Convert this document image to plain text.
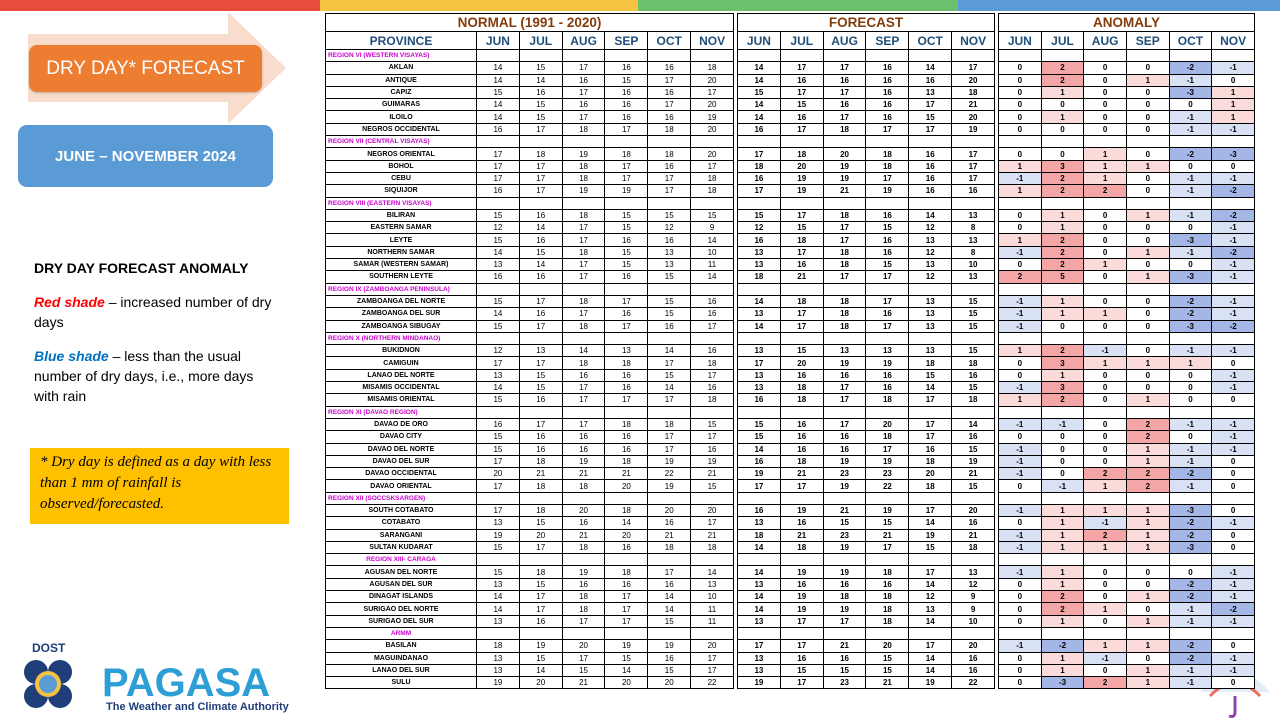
DRY DAY* FORECAST
JUNE – NOVEMBER 2024
DRY DAY FORECAST ANOMALY

Red shade – increased number of dry days

Blue shade – less than the usual number of dry days, i.e., more days with rain

* Dry day is defined as a day with less than 1 mm of rainfall is observed/forecasted.
DOST
PAGASA
The Weather and Climate Authority
NORMAL (1991 - 2020)						
PROVINCE	JUN	JUL	AUG	SEP	OCT	NOV
REGION VI (WESTERN VISAYAS)						
AKLAN	14	15	17	16	16	18
ANTIQUE	14	14	16	15	17	20
CAPIZ	15	16	17	16	16	17
GUIMARAS	14	15	16	16	17	20
ILOILO	14	15	17	16	16	19
NEGROS OCCIDENTAL	16	17	18	17	18	20
REGION VII (CENTRAL VISAYAS)						
NEGROS ORIENTAL	17	18	19	18	18	20
BOHOL	17	17	18	17	16	17
CEBU	17	17	18	17	17	18
SIQUIJOR	16	17	19	19	17	18
REGION VIII (EASTERN VISAYAS)						
BILIRAN	15	16	18	15	15	15
EASTERN SAMAR	12	14	17	15	12	9
LEYTE	15	16	17	16	16	14
NORTHERN SAMAR	14	15	18	15	13	10
SAMAR (WESTERN SAMAR)	13	14	17	15	13	11
SOUTHERN LEYTE	16	16	17	16	15	14
REGION IX (ZAMBOANGA PENINSULA)						
ZAMBOANGA DEL NORTE	15	17	18	17	15	16
ZAMBOANGA DEL SUR	14	16	17	16	15	16
ZAMBOANGA SIBUGAY	15	17	18	17	16	17
REGION X (NORTHERN MINDANAO)						
BUKIDNON	12	13	14	13	14	16
CAMIGUIN	17	17	18	18	17	18
LANAO DEL NORTE	13	15	16	16	15	17
MISAMIS OCCIDENTAL	14	15	17	16	14	16
MISAMIS ORIENTAL	15	16	17	17	17	18
REGION XI (DAVAO REGION)						
DAVAO DE ORO	16	17	17	18	18	15
DAVAO CITY	15	16	16	16	17	17
DAVAO DEL NORTE	15	16	16	16	17	16
DAVAO DEL SUR	17	18	19	18	19	19
DAVAO OCCIDENTAL	20	21	21	21	22	21
DAVAO ORIENTAL	17	18	18	20	19	15
REGION XII (SOCCSKSARGEN)						
SOUTH COTABATO	17	18	20	18	20	20
COTABATO	13	15	16	14	16	17
SARANGANI	19	20	21	20	21	21
SULTAN KUDARAT	15	17	18	16	18	18
REGION XIII- CARAGA						
AGUSAN DEL NORTE	15	18	19	18	17	14
AGUSAN DEL SUR	13	15	16	16	16	13
DINAGAT ISLANDS	14	17	18	17	14	10
SURIGAO DEL NORTE	14	17	18	17	14	11
SURIGAO DEL SUR	13	16	17	17	15	11
ARMM						
BASILAN	18	19	20	19	19	20
MAGUINDANAO	13	15	17	15	16	17
LANAO DEL SUR	13	14	15	14	15	17
SULU	19	20	21	20	20	22
FORECAST					
JUN	JUL	AUG	SEP	OCT	NOV

14	17	17	16	14	17
14	16	16	16	16	20
15	17	17	16	13	18
14	15	16	16	17	21
14	16	17	16	15	20
16	17	18	17	17	19

17	18	20	18	16	17
18	20	19	18	16	17
16	19	19	17	16	17
17	19	21	19	16	16

15	17	18	16	14	13
12	15	17	15	12	8
16	18	17	16	13	13
13	17	18	16	12	8
13	16	18	15	13	10
18	21	17	17	12	13

14	18	18	17	13	15
13	17	18	16	13	15
14	17	18	17	13	15

13	15	13	13	13	15
17	20	19	19	18	18
13	16	16	16	15	16
13	18	17	16	14	15
16	18	17	18	17	18

15	16	17	20	17	14
15	16	16	18	17	16
14	16	16	17	16	15
16	18	19	19	18	19
19	21	23	23	20	21
17	17	19	22	18	15

16	19	21	19	17	20
13	16	15	15	14	16
18	21	23	21	19	21
14	18	19	17	15	18

14	19	19	18	17	13
13	16	16	16	14	12
14	19	18	18	12	9
14	19	19	18	13	9
13	17	17	18	14	10

17	17	21	20	17	20
13	16	16	15	14	16
13	15	15	15	14	16
19	17	23	21	19	22
ANOMALY					
JUN	JUL	AUG	SEP	OCT	NOV

0	2	0	0	-2	-1
0	2	0	1	-1	0
0	1	0	0	-3	1
0	0	0	0	0	1
0	1	0	0	-1	1
0	0	0	0	-1	-1

0	0	1	0	-2	-3
1	3	1	1	0	0
-1	2	1	0	-1	-1
1	2	2	0	-1	-2

0	1	0	1	-1	-2
0	1	0	0	0	-1
1	2	0	0	-3	-1
-1	2	0	1	-1	-2
0	2	1	0	0	-1
2	5	0	1	-3	-1

-1	1	0	0	-2	-1
-1	1	1	0	-2	-1
-1	0	0	0	-3	-2

1	2	-1	0	-1	-1
0	3	1	1	1	0
0	1	0	0	0	-1
-1	3	0	0	0	-1
1	2	0	1	0	0

-1	-1	0	2	-1	-1
0	0	0	2	0	-1
-1	0	0	1	-1	-1
-1	0	0	1	-1	0
-1	0	2	2	-2	0
0	-1	1	2	-1	0

-1	1	1	1	-3	0
0	1	-1	1	-2	-1
-1	1	2	1	-2	0
-1	1	1	1	-3	0

-1	1	0	0	0	-1
0	1	0	0	-2	-1
0	2	0	1	-2	-1
0	2	1	0	-1	-2
0	1	0	1	-1	-1

-1	-2	1	1	-2	0
0	1	-1	0	-2	-1
0	1	0	1	-1	-1
0	-3	2	1	-1	0
